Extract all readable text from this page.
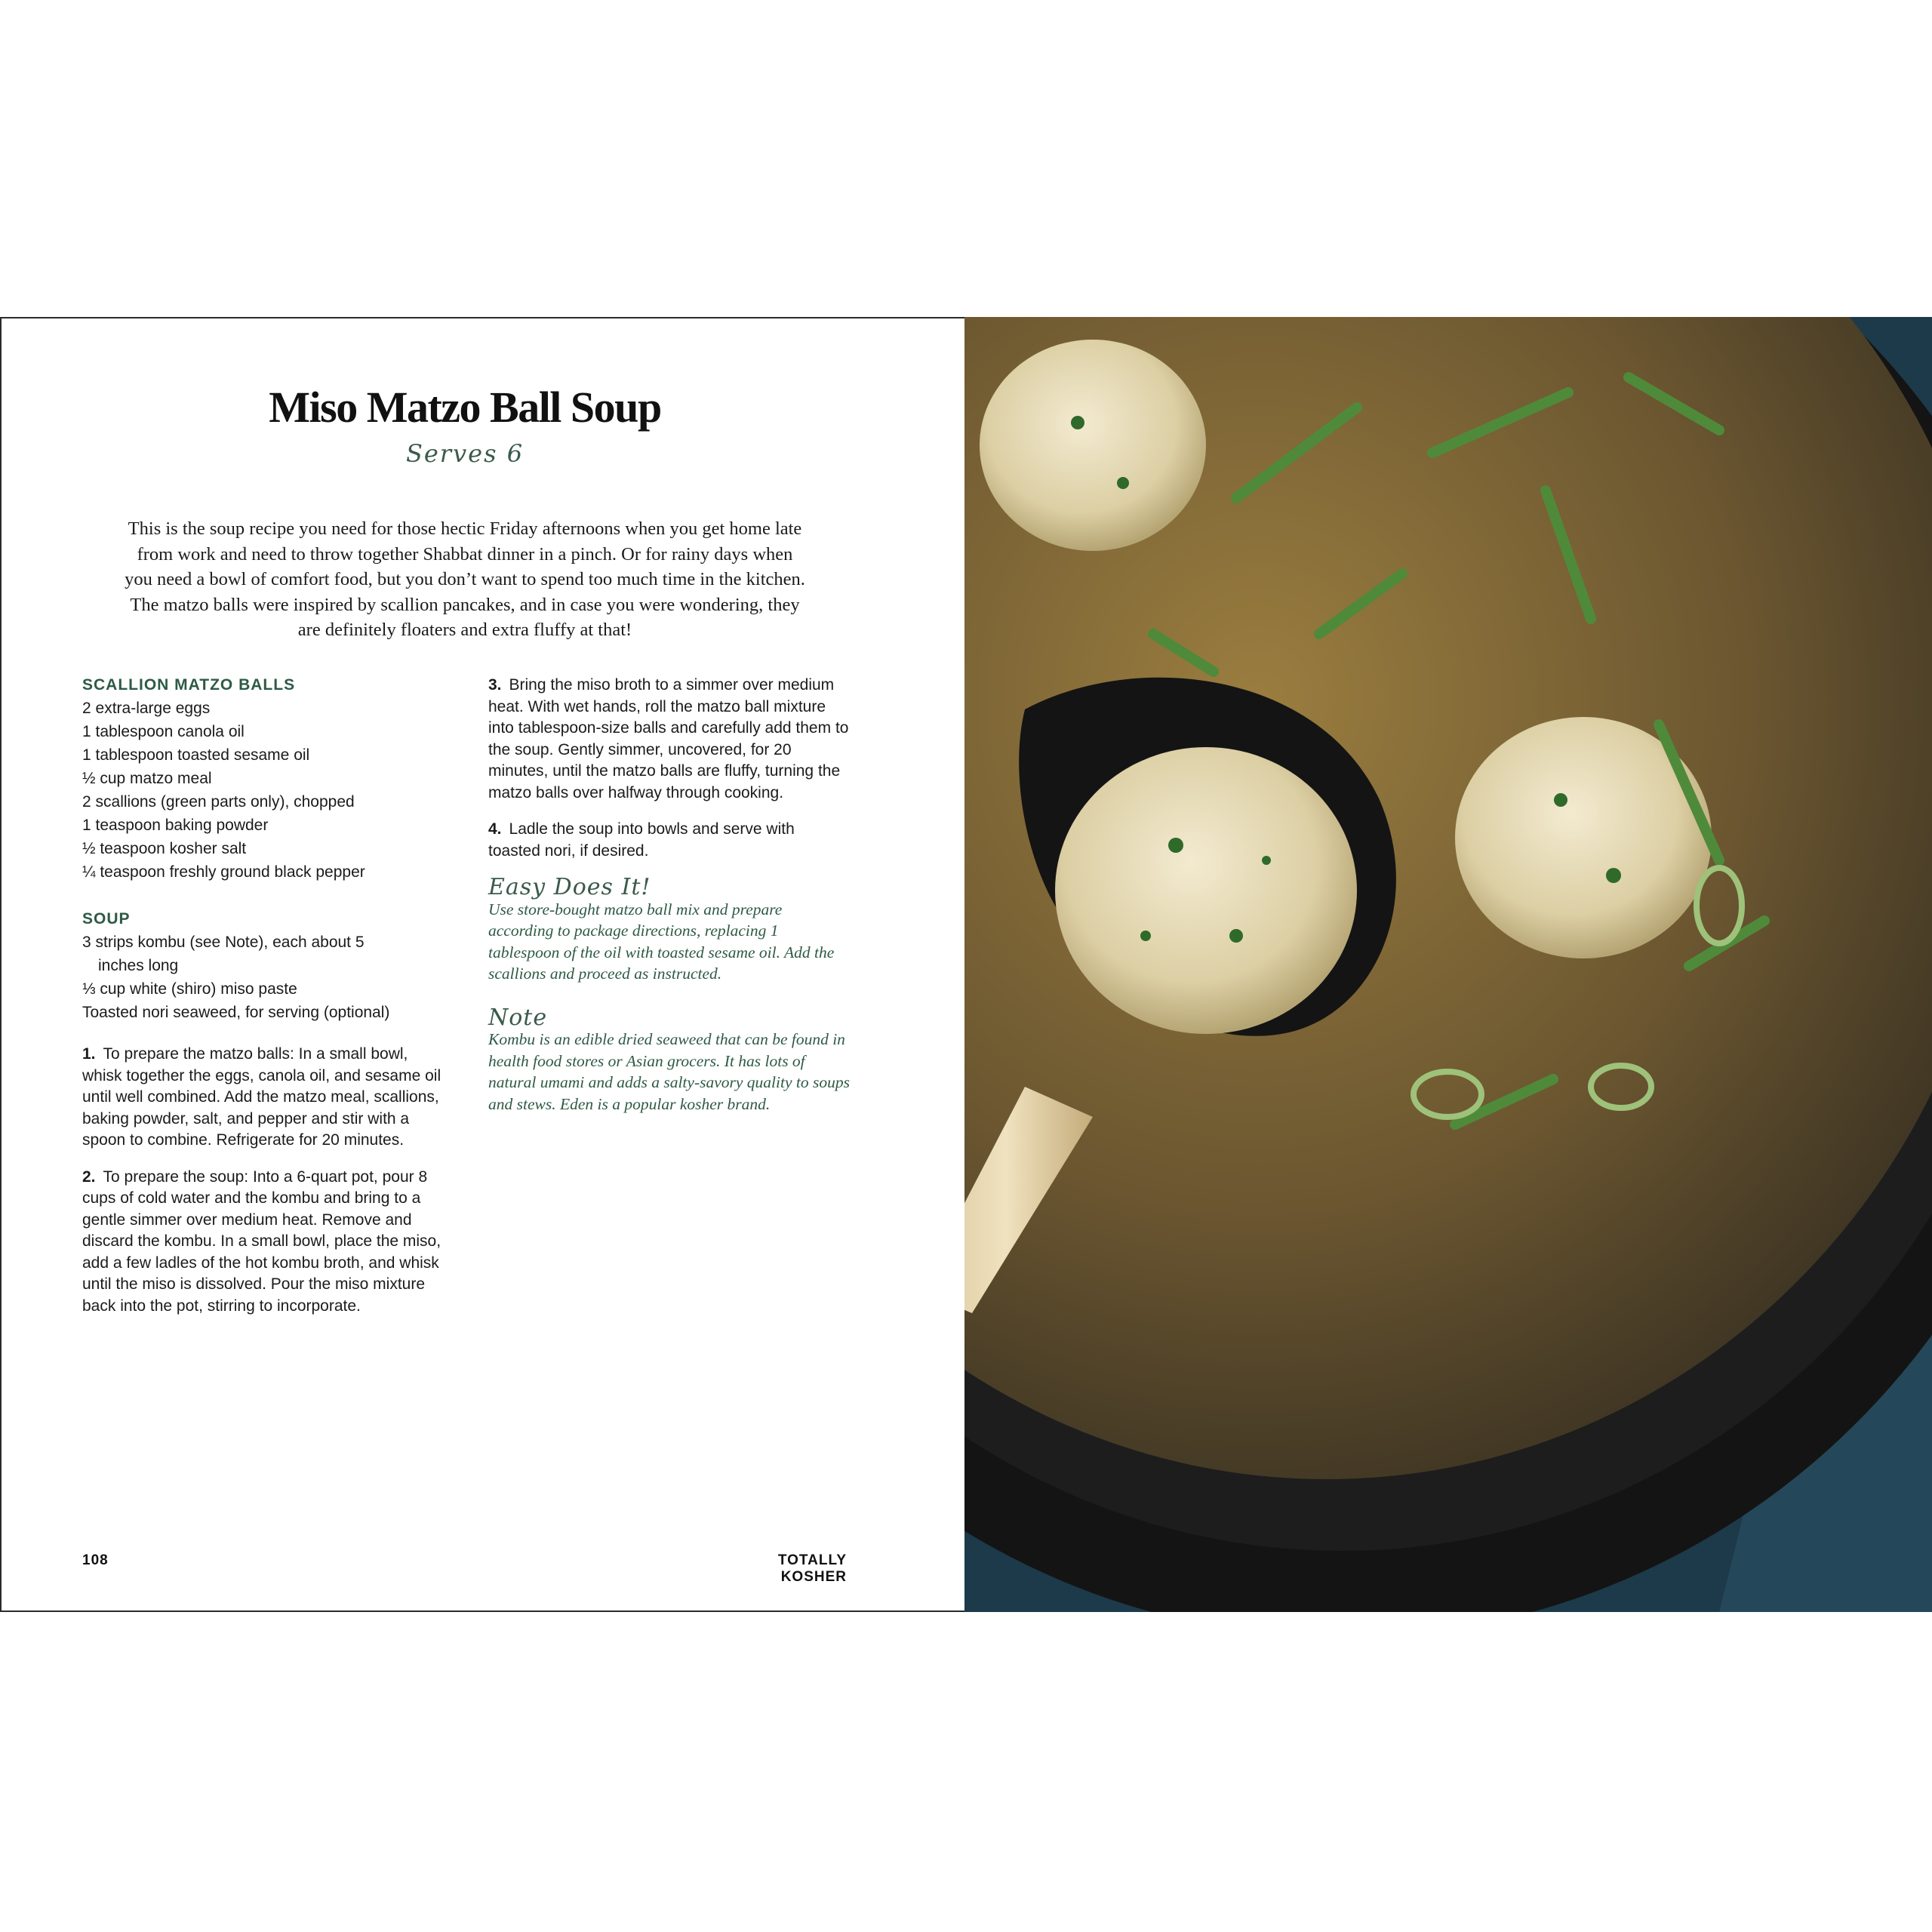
Miso Matzo Ball Soup
Serves 6
This is the soup recipe you need for those hectic Friday afternoons when you get home late from work and need to throw together Shabbat dinner in a pinch. Or for rainy days when you need a bowl of comfort food, but you don’t want to spend too much time in the kitchen. The matzo balls were inspired by scallion pancakes, and in case you were wondering, they are definitely floaters and extra fluffy at that!
SCALLION MATZO BALLS
2 extra-large eggs
1 tablespoon canola oil
1 tablespoon toasted sesame oil
½ cup matzo meal
2 scallions (green parts only), chopped
1 teaspoon baking powder
½ teaspoon kosher salt
¼ teaspoon freshly ground black pepper
SOUP
3 strips kombu (see Note), each about 5 inches long
⅓ cup white (shiro) miso paste
Toasted nori seaweed, for serving (optional)
1. To prepare the matzo balls: In a small bowl, whisk together the eggs, canola oil, and sesame oil until well combined. Add the matzo meal, scallions, baking powder, salt, and pepper and stir with a spoon to combine. Refrigerate for 20 minutes.
2. To prepare the soup: Into a 6-quart pot, pour 8 cups of cold water and the kombu and bring to a gentle simmer over medium heat. Remove and discard the kombu. In a small bowl, place the miso, add a few ladles of the hot kombu broth, and whisk until the miso is dissolved. Pour the miso mixture back into the pot, stirring to incorporate.
3. Bring the miso broth to a simmer over medium heat. With wet hands, roll the matzo ball mixture into tablespoon-size balls and carefully add them to the soup. Gently simmer, uncovered, for 20 minutes, until the matzo balls are fluffy, turning the matzo balls over halfway through cooking.
4. Ladle the soup into bowls and serve with toasted nori, if desired.
Easy Does It!
Use store-bought matzo ball mix and prepare according to package directions, replacing 1 tablespoon of the oil with toasted sesame oil. Add the scallions and proceed as instructed.
Note
Kombu is an edible dried seaweed that can be found in health food stores or Asian grocers. It has lots of natural umami and adds a salty-savory quality to soups and stews. Eden is a popular kosher brand.
108	TOTALLY KOSHER
